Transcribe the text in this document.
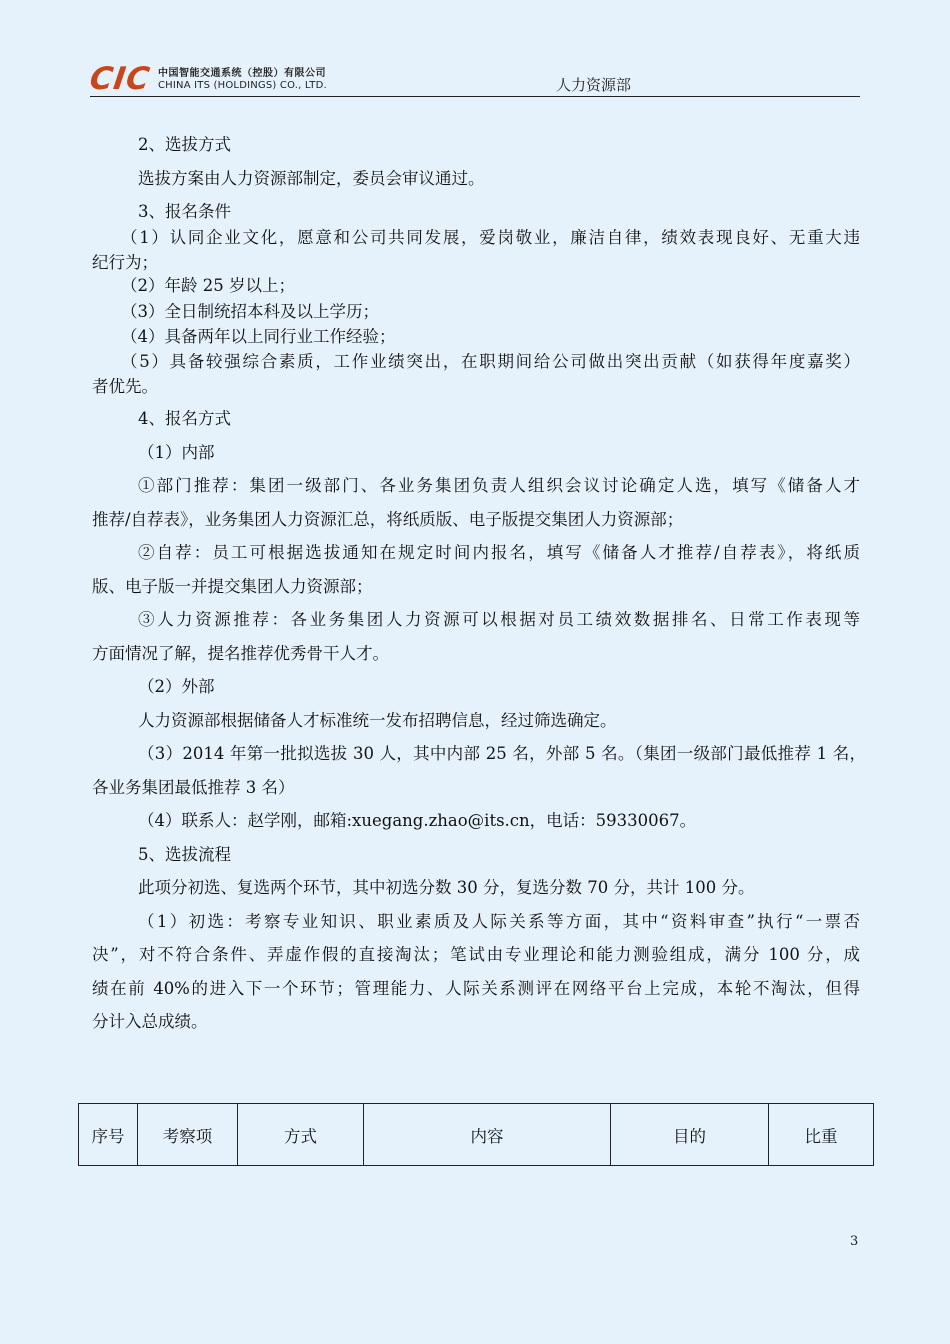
CIC 中国智能交通系统（控股）有限公司
CHINA ITS (HOLDINGS) CO., LTD.	人力资源部
2、选拔方式
选拔方案由人力资源部制定，委员会审议通过。
3、报名条件
（1）认同企业文化，愿意和公司共同发展，爱岗敬业，廉洁自律，绩效表现良好、无重大违
纪行为；
（2）年龄 25 岁以上；
（3）全日制统招本科及以上学历；
（4）具备两年以上同行业工作经验；
（5）具备较强综合素质，工作业绩突出，在职期间给公司做出突出贡献（如获得年度嘉奖）
者优先。
4、报名方式
（1）内部
①部门推荐：集团一级部门、各业务集团负责人组织会议讨论确定人选，填写《储备人才
推荐/自荐表》，业务集团人力资源汇总，将纸质版、电子版提交集团人力资源部；
②自荐：员工可根据选拔通知在规定时间内报名，填写《储备人才推荐/自荐表》，将纸质
版、电子版一并提交集团人力资源部；
③人力资源推荐：各业务集团人力资源可以根据对员工绩效数据排名、日常工作表现等
方面情况了解，提名推荐优秀骨干人才。
（2）外部
人力资源部根据储备人才标准统一发布招聘信息，经过筛选确定。
（3）2014 年第一批拟选拔 30 人，其中内部 25 名，外部 5 名。（集团一级部门最低推荐 1 名，
各业务集团最低推荐 3 名）
（4）联系人：赵学刚，邮箱:xuegang.zhao@its.cn，电话：59330067。
5、选拔流程
此项分初选、复选两个环节，其中初选分数 30 分，复选分数 70 分，共计 100 分。
（1）初选：考察专业知识、职业素质及人际关系等方面，其中“资料审查”执行“一票否
决”，对不符合条件、弄虚作假的直接淘汰；笔试由专业理论和能力测验组成，满分 100 分，成
绩在前 40%的进入下一个环节；管理能力、人际关系测评在网络平台上完成，本轮不淘汰，但得
分计入总成绩。
序号	考察项	方式	内容	目的	比重
3
